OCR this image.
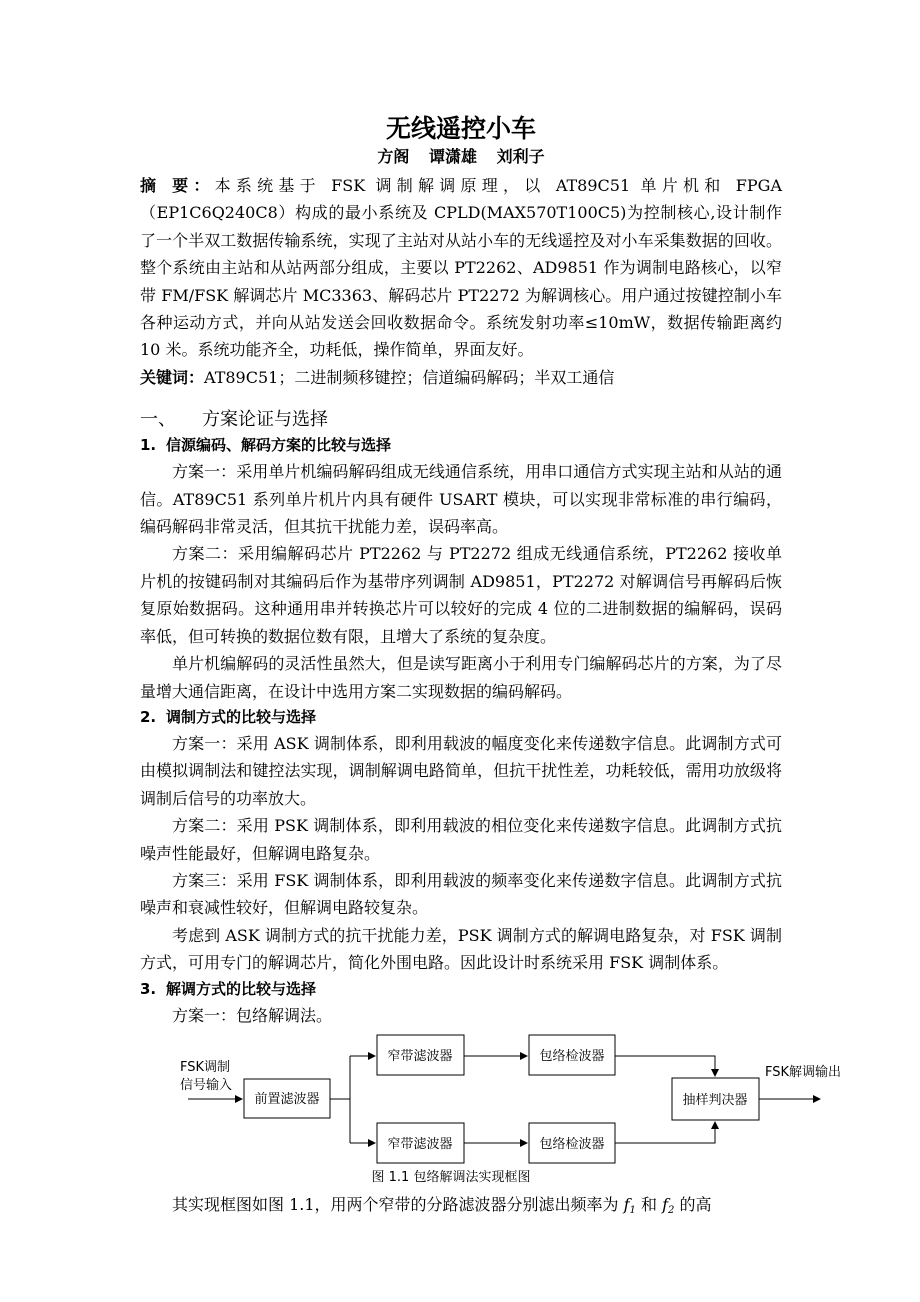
无线遥控小车
方阁 谭潇雄 刘利子

摘 要：本系统基于 FSK 调制解调原理，以 AT89C51 单片机和 FPGA（EP1C6Q240C8）构成的最小系统及 CPLD(MAX570T100C5)为控制核心,设计制作了一个半双工数据传输系统，实现了主站对从站小车的无线遥控及对小车采集数据的回收。整个系统由主站和从站两部分组成，主要以 PT2262、AD9851 作为调制电路核心，以窄带 FM/FSK 解调芯片 MC3363、解码芯片 PT2272 为解调核心。用户通过按键控制小车各种运动方式，并向从站发送会回收数据命令。系统发射功率≤10mW，数据传输距离约 10 米。系统功能齐全，功耗低，操作简单，界面友好。

关键词：AT89C51；二进制频移键控；信道编码解码；半双工通信

一、 方案论证与选择
1. 信源编码、解码方案的比较与选择

方案一：采用单片机编码解码组成无线通信系统，用串口通信方式实现主站和从站的通信。AT89C51 系列单片机片内具有硬件 USART 模块，可以实现非常标准的串行编码，编码解码非常灵活，但其抗干扰能力差，误码率高。

方案二：采用编解码芯片 PT2262 与 PT2272 组成无线通信系统，PT2262 接收单片机的按键码制对其编码后作为基带序列调制 AD9851，PT2272 对解调信号再解码后恢复原始数据码。这种通用串并转换芯片可以较好的完成 4 位的二进制数据的编解码，误码率低，但可转换的数据位数有限，且增大了系统的复杂度。

单片机编解码的灵活性虽然大，但是读写距离小于利用专门编解码芯片的方案，为了尽量增大通信距离，在设计中选用方案二实现数据的编码解码。

2. 调制方式的比较与选择

方案一：采用 ASK 调制体系，即利用载波的幅度变化来传递数字信息。此调制方式可由模拟调制法和键控法实现，调制解调电路简单，但抗干扰性差，功耗较低，需用功放级将调制后信号的功率放大。

方案二：采用 PSK 调制体系，即利用载波的相位变化来传递数字信息。此调制方式抗噪声性能最好，但解调电路复杂。

方案三：采用 FSK 调制体系，即利用载波的频率变化来传递数字信息。此调制方式抗噪声和衰减性较好，但解调电路较复杂。

考虑到 ASK 调制方式的抗干扰能力差，PSK 调制方式的解调电路复杂，对 FSK 调制方式，可用专门的解调芯片，简化外围电路。因此设计时系统采用 FSK 调制体系。

3. 解调方式的比较与选择

方案一：包络解调法。

FSK调制
信号输入
前置滤波器
窄带滤波器
窄带滤波器
包络检波器
包络检波器
抽样判决器
FSK解调输出
图 1.1 包络解调法实现框图

其实现框图如图 1.1，用两个窄带的分路滤波器分别滤出频率为 f1 和 f2 的高
